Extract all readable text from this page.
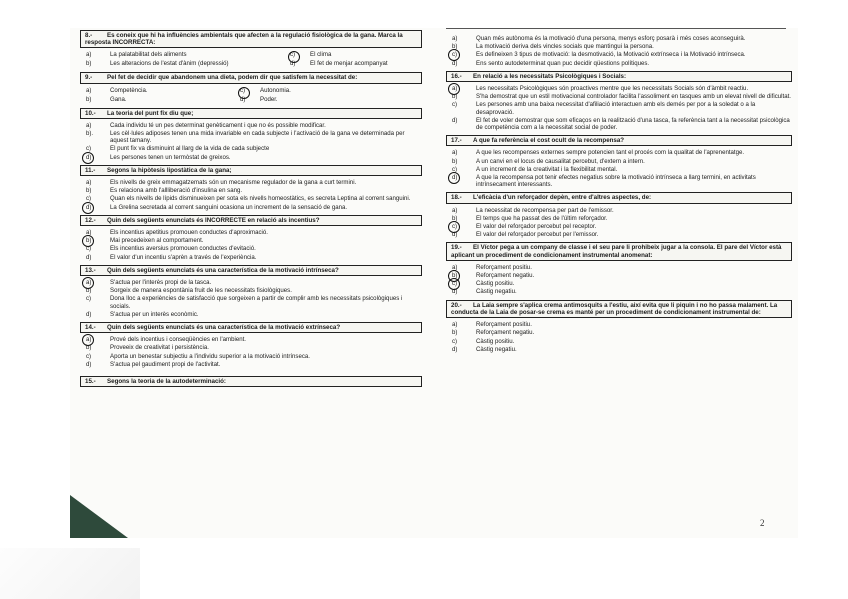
8.- Es coneix que hi ha influències ambientals que afecten a la regulació fisiològica de la gana. Marca la resposta INCORRECTA:
a)	La palatabilitat dels aliments	c) El clima
b)	Les alteracions de l'estat d'ànim (depressió)	d) El fet de menjar acompanyat
9.- Pel fet de decidir que abandonem una dieta, podem dir que satisfem la necessitat de:
a)	Competència.	c) Autonomia.
b)	Gana.	d) Poder.
10.- La teoria del punt fix diu que;
a)	Cada individu té un pes determinat genèticament i que no és possible modificar.
b).	Les cèl·lules adiposes tenen una mida invariable en cada subjecte i l'activació de la gana ve determinada per aquest tamany.
c)	El punt fix va disminuint al llarg de la vida de cada subjecte
d)	Les persones tenen un termòstat de greixos.
11.- Segons la hipòtesis lipostàtica de la gana;
a)	Els nivells de greix emmagatzemats són un mecanisme regulador de la gana a curt termini.
b)	Es relaciona amb l'allliberació d'insulina en sang.
c)	Quan els nivells de lípids disminueixen per sota els nivells homeostàtics, es secreta Leptina al corrent sanguini.
d)	La Grelina secretada al corrent sanguini ocasiona un increment de la sensació de gana.
12.- Quin dels següents enunciats és INCORRECTE en relació als incentius?
a)	Els incentius apetitius promouen conductes d'aproximació.
b)	Mai precedeixen al comportament.
c)	Els incentius aversius promouen conductes d'evitació.
d)	El valor d'un incentiu s'aprèn a través de l'experiència.
13.- Quin dels següents enunciats és una característica de la motivació intrínseca?
a)	S'actua per l'interès propi de la tasca.
b)	Sorgeix de manera espontània fruit de les necessitats fisiològiques.
c)	Dona lloc a experiències de satisfacció que sorgeixen a partir de complir amb les necessitats psicològiques i socials.
d)	S'actua per un interès econòmic.
14.- Quin dels següents enunciats és una característica de la motivació extrínseca?
a)	Prové dels incentius i conseqüències en l'ambient.
b)	Proveeix de creativitat i persistència.
c)	Aporta un benestar subjectiu a l'individu superior a la motivació intrínseca.
d)	S'actua pel gaudiment propi de l'activitat.
15.- Segons la teoria de la autodeterminació:
a)	Quan més autònoma és la motivació d'una persona, menys esforç posarà i més coses aconseguirà.
b)	La motivació deriva dels vincles socials que mantingui la persona.
c)	Es defineixen 3 tipus de motivació: la desmotivació, la Motivació extrínseca i la Motivació intrínseca.
d)	Ens sento autodeterminat quan puc decidir qüestions polítiques.
16.- En relació a les necessitats Psicològiques i Socials:
a)	Les necessitats Psicològiques són proactives mentre que les necessitats Socials són d'àmbit reactiu.
b)	S'ha demostrat que un estil motivacional controlador facilita l'assoliment en tasques amb un elevat nivell de dificultat.
c)	Les persones amb una baixa necessitat d'afiliació interactuen amb els demés per por a la soledat o a la desaprovació.
d)	El fet de voler demostrar que som eficaços en la realització d'una tasca, fa referència tant a la necessitat psicològica de competència com a la necessitat social de poder.
17.- A que fa referència el cost ocult de la recompensa?
a)	A que les recompenses externes sempre potencien tant el procés com la qualitat de l'aprenentatge.
b)	A un canvi en el locus de causalitat percebut, d'extern a intern.
c)	A un increment de la creativitat i la flexibilitat mental.
d)	A que la recompensa pot tenir efectes negatius sobre la motivació intrínseca a llarg termini, en activitats intrínsecament interessants.
18.- L'eficàcia d'un reforçador depèn, entre d'altres aspectes, de:
a)	La necessitat de recompensa per part de l'emissor.
b)	El temps que ha passat des de l'últim reforçador.
c)	El valor del reforçador percebut pel receptor.
d)	El valor del reforçador percebut per l'emissor.
19.- El Víctor pega a un company de classe i el seu pare li prohibeix jugar a la consola. El pare del Víctor està aplicant un procediment de condicionament instrumental anomenat:
a)	Reforçament positiu.
b)	Reforçament negatiu.
c)	Càstig positiu.
d)	Càstig negatiu.
20.- La Laia sempre s'aplica crema antimosquits a l'estiu, així evita que li piquin i no ho passa malament. La conducta de la Laia de posar-se crema es manté per un procediment de condicionament instrumental de:
a)	Reforçament positiu.
b)	Reforçament negatiu.
c)	Càstig positiu.
d)	Càstig negatiu.
2
